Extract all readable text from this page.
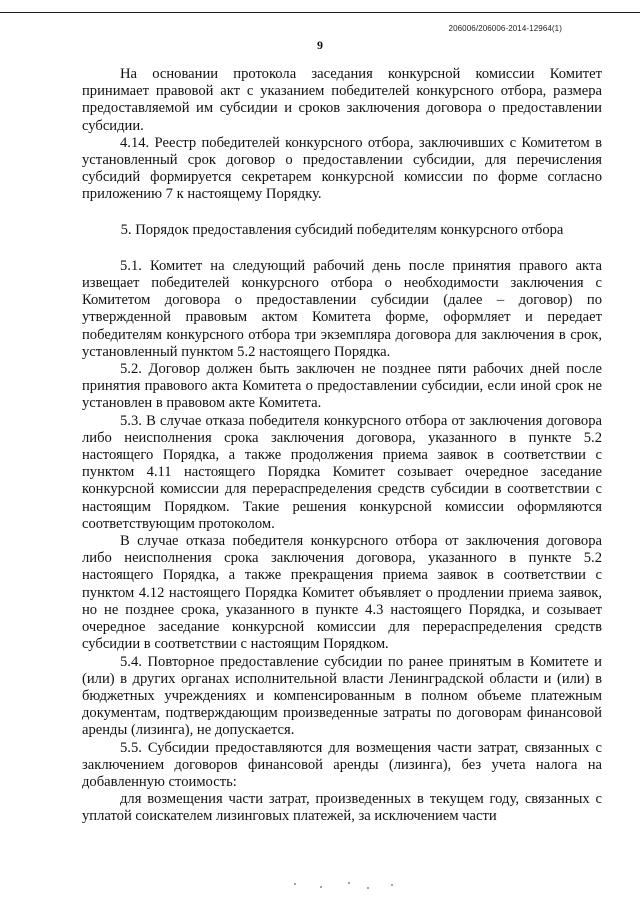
206006/206006-2014-12964(1)
9

На основании протокола заседания конкурсной комиссии Комитет принимает правовой акт с указанием победителей конкурсного отбора, размера предоставляемой им субсидии и сроков заключения договора о предоставлении субсидии.

4.14. Реестр победителей конкурсного отбора, заключивших с Комитетом в установленный срок договор о предоставлении субсидии, для перечисления субсидий формируется секретарем конкурсной комиссии по форме согласно приложению 7 к настоящему Порядку.

5. Порядок предоставления субсидий победителям конкурсного отбора

5.1. Комитет на следующий рабочий день после принятия правого акта извещает победителей конкурсного отбора о необходимости заключения с Комитетом договора о предоставлении субсидии (далее – договор) по утвержденной правовым актом Комитета форме, оформляет и передает победителям конкурсного отбора три экземпляра договора для заключения в срок, установленный пунктом 5.2 настоящего Порядка.

5.2. Договор должен быть заключен не позднее пяти рабочих дней после принятия правового акта Комитета о предоставлении субсидии, если иной срок не установлен в правовом акте Комитета.

5.3. В случае отказа победителя конкурсного отбора от заключения договора либо неисполнения срока заключения договора, указанного в пункте 5.2 настоящего Порядка, а также продолжения приема заявок в соответствии с пунктом 4.11 настоящего Порядка Комитет созывает очередное заседание конкурсной комиссии для перераспределения средств субсидии в соответствии с настоящим Порядком. Такие решения конкурсной комиссии оформляются соответствующим протоколом.

В случае отказа победителя конкурсного отбора от заключения договора либо неисполнения срока заключения договора, указанного в пункте 5.2 настоящего Порядка, а также прекращения приема заявок в соответствии с пунктом 4.12 настоящего Порядка Комитет объявляет о продлении приема заявок, но не позднее срока, указанного в пункте 4.3 настоящего Порядка, и созывает очередное заседание конкурсной комиссии для перераспределения средств субсидии в соответствии с настоящим Порядком.

5.4. Повторное предоставление субсидии по ранее принятым в Комитете и (или) в других органах исполнительной власти Ленинградской области и (или) в бюджетных учреждениях и компенсированным в полном объеме платежным документам, подтверждающим произведенные затраты по договорам финансовой аренды (лизинга), не допускается.

5.5. Субсидии предоставляются для возмещения части затрат, связанных с заключением договоров финансовой аренды (лизинга), без учета налога на добавленную стоимость:

для возмещения части затрат, произведенных в текущем году, связанных с уплатой соискателем лизинговых платежей, за исключением части
